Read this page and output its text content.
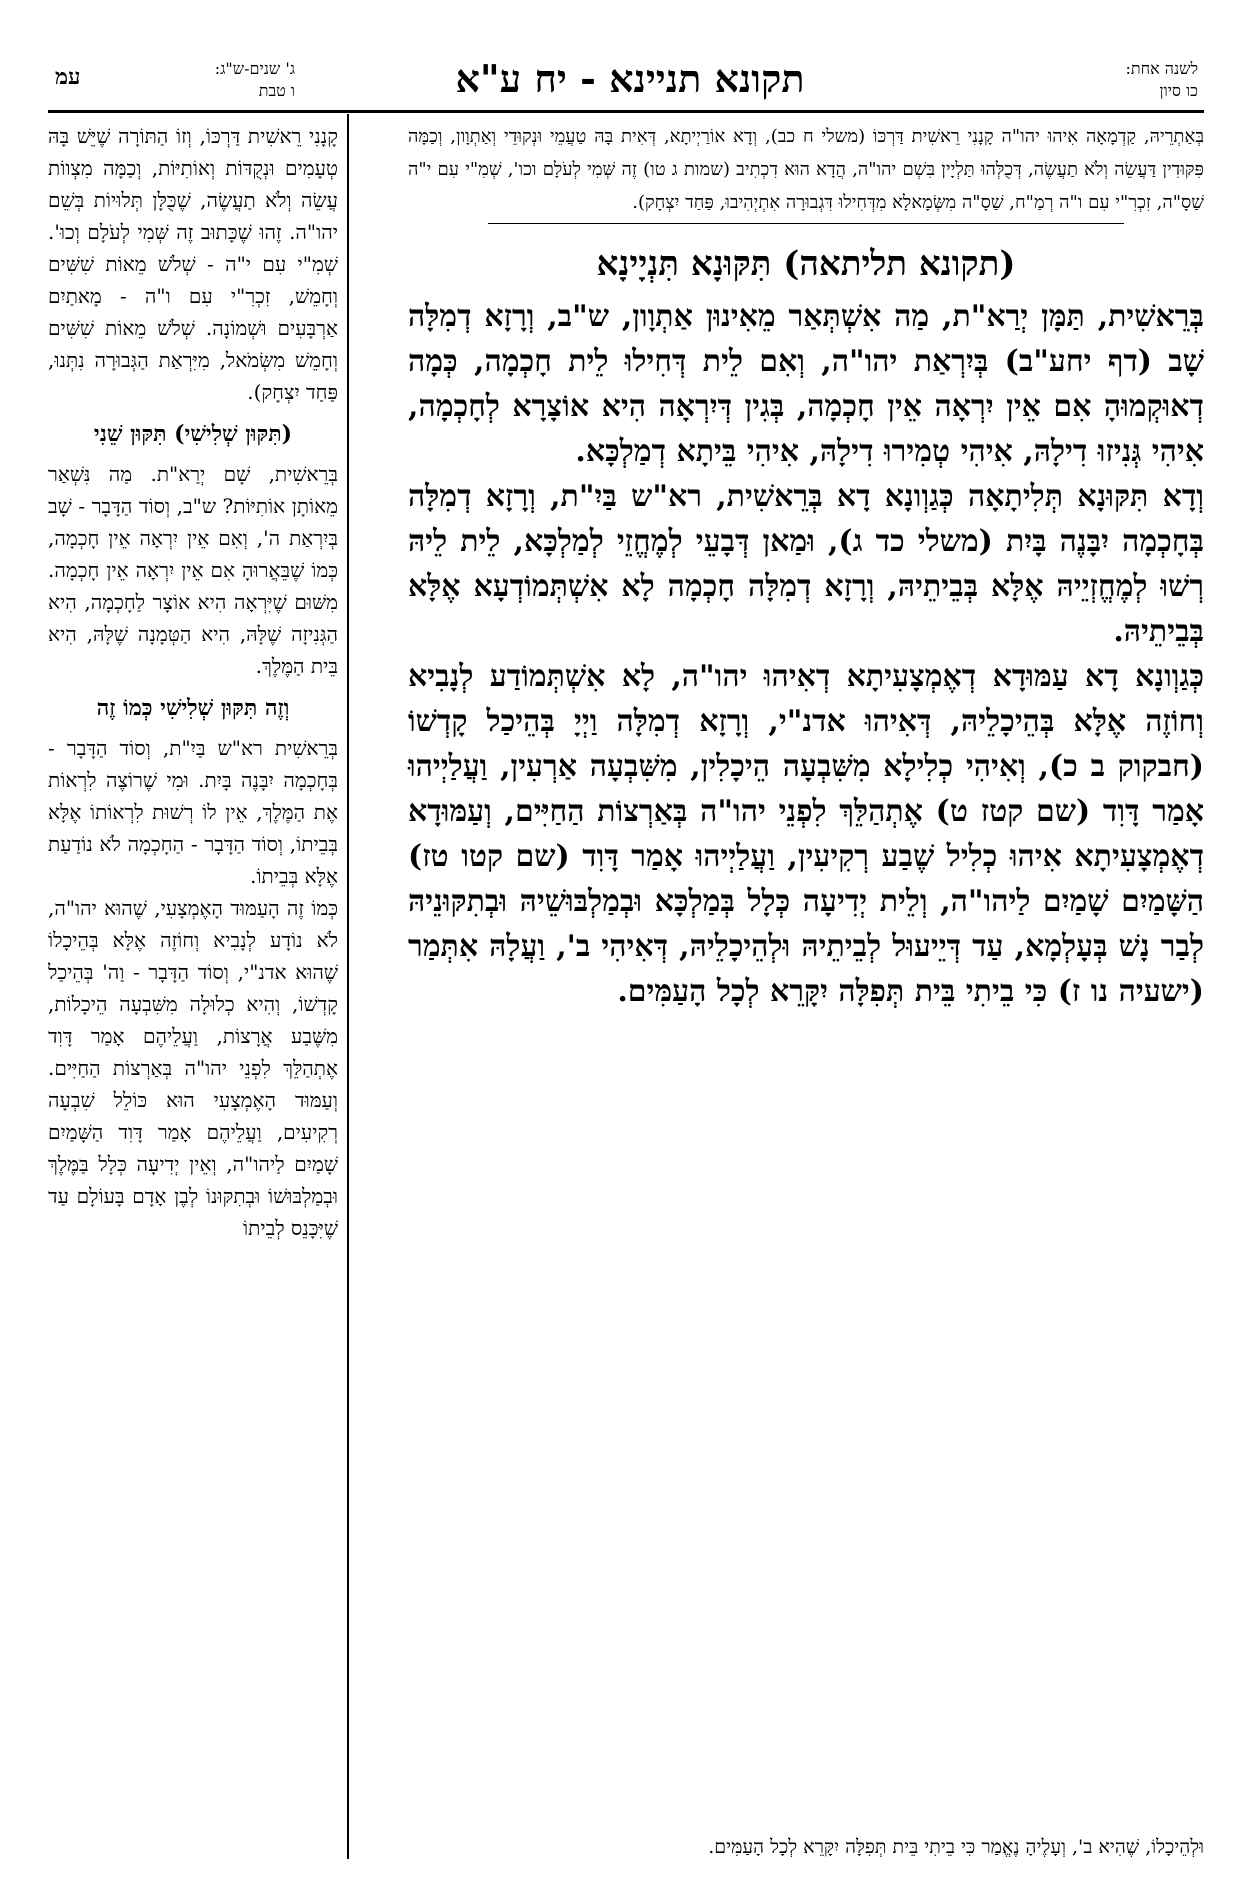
לשנה אחת:
כו סיון
תקונא תניינא - יח ע"א
ג' שנים-ש"ג:
ו טבת
עמ

בְּאַתְרֵיהּ, קַדְמָאָה אִיהוּ יהו"ה קָנָנִי רֵאשִׁית דַּרְכּוֹ (משלי ח כב), וְדָא אוֹרַיְיתָא, דְּאִית בָּהּ טַעֲמֵי וּנְקוּדֵי וְאַתְוָון, וְכַמָּה פִּקּוּדִין דַּעֲשֵׂה וְלֹא תַעֲשֶׂה, דְּכֻלְּהוּ תַּלְיָין בִּשְׁם יהו"ה, הֲדָא הוּא דִכְתִיב (שמות ג טו) זֶה שְּׁמִי לְעֹלָם וכו', שְׁמִ"י עִם י"ה שַׁסָ"ה, זִכְרִ"י עִם ו"ה רְמַ"ח, שַׁסָ"ה מִשְּׂמָאלָא מִדְּחִילוּ דִּגְבוּרָה אִתְיְהִיבוּ, פַּחַד יִצְחָק).

(תקונא תליתאה) תִּקּוּנָא תִּנְיָינָא

בְּרֵאשִׁית, תַּמָּן יְרַא"ת, מַה אִשְׁתְּאַר מֵאִינוּן אַתְוָון, ש"ב, וְרָזָא דְמִלָּה שָׁב (דף יחע"ב) בְּיִרְאַת יהו"ה, וְאִם לֵית דְּחִילוּ לֵית חָכְמָה, כְּמָה דְאוּקְמוּהָ אִם אֵין יִרְאָה אֵין חָכְמָה, בְּגִין דְּיִרְאָה הִיא אוֹצָרָא לְחָכְמָה, אִיהִי גְּנִיזוּ דִילָהּ, אִיהִי טְמִירוּ דִילָהּ, אִיהִי בֵּיתָא דְמַלְכָּא.

וְדָא תִּקּוּנָא תְּלִיתָאָה כְּגַוְונָא דָא בְּרֵאשִׁית, רא"ש בַּיִ"ת, וְרָזָא דְמִלָּה בְּחָכְמָה יִבָּנֶה בָּיִת (משלי כד ג), וּמַאן דְּבָעֵי לְמֶחֱזֵי לְמַלְכָּא, לֵית לֵיהּ רְשׁוּ לְמֶחֱזְיֵיהּ אֶלָּא בְּבֵיתֵיהּ, וְרָזָא דְמִלָּה חָכְמָה לָא אִשְׁתְּמוֹדְעָא אֶלָּא בְּבֵיתֵיהּ.

כְּגַוְונָא דָא עַמּוּדָא דְאֶמְצָעִיתָא דְאִיהוּ יהו"ה, לָא אִשְׁתְּמוֹדַע לְנָבִיא וְחוֹזֶה אֶלָּא בְּהֵיכָלֵיהּ, דְּאִיהוּ אדנ"י, וְרָזָא דְמִלָּה וַיְיָ בְּהֵיכַל קָדְשׁוֹ (חבקוק ב כ), וְאִיהִי כְלִילָא מִשִּׁבְעָה הֵיכָלִין, מִשִּׁבְעָה אַרְעִין, וַעֲלַיְיהוּ אָמַר דָּוִד (שם קטז ט) אֶתְהַלֵּךְ לִפְנֵי יהו"ה בְּאַרְצוֹת הַחַיִּים, וְעַמּוּדָא דְאֶמְצָעִיתָא אִיהוּ כְלִיל שֶׁבַע רְקִיעִין, וַעֲלַיְיהוּ אָמַר דָּוִד (שם קטו טז) הַשָּׁמַיִם שָׁמַיִם לַיהו"ה, וְלֵית יְדִיעָה כְּלָל בְּמַלְכָּא וּבְמַלְבּוּשֵׁיהּ וּבְתִקּוּנֵיהּ לְבַר נָשׁ בְּעָלְמָא, עַד דְּיֵיעוּל לְבֵיתֵיהּ וּלְהֵיכָלֵיהּ, דְּאִיהִי ב', וַעֲלָהּ אִתְּמַר (ישעיה נו ז) כִּי בֵיתִי בֵּית תְּפִלָּה יִקָּרֵא לְכָל הָעַמִּים.

קָנָנִי רֵאשִׁית דַּרְכּוֹ, וְזוֹ הַתּוֹרָה שֶׁיֵּשׁ בָּהּ טְעָמִים וּנְקֻדּוֹת וְאוֹתִיּוֹת, וְכַמָּה מִצְווֹת עֲשֵׂה וְלֹא תַעֲשֶׂה, שֶׁכֻּלָּן תְּלוּיוֹת בְּשֵׁם יהו"ה. זֶהוּ שֶׁכָּתוּב זֶה שְּׁמִי לְעֹלָם וְכוּ'. שְׁמִ"י עִם י"ה - שְׁלֹשׁ מֵאוֹת שִׁשִּׁים וְחָמֵשׁ, זִכְרִ"י עִם ו"ה - מָאתַיִם אַרְבָּעִים וּשְׁמוֹנָה. שְׁלֹשׁ מֵאוֹת שִׁשִּׁים וְחָמֵשׁ מִשְּׂמֹאל, מִיִּרְאַת הַגְּבוּרָה נִתְּנוּ, פַּחַד יִצְחָק).

(תִּקּוּן שְׁלִישִׁי) תִּקּוּן שֵׁנִי

בְּרֵאשִׁית, שָׁם יְרַא"ת. מַה נִּשְׁאַר מֵאוֹתָן אוֹתִיּוֹת? ש"ב, וְסוֹד הַדָּבָר - שָׁב בְּיִרְאַת ה', וְאִם אֵין יִרְאָה אֵין חָכְמָה, כְּמוֹ שֶׁבֵּאֲרוּהָ אִם אֵין יִרְאָה אֵין חָכְמָה. מִשּׁוּם שֶׁיִּרְאָה הִיא אוֹצָר לַחָכְמָה, הִיא הַגְּנִיזָה שֶׁלָּהּ, הִיא הַטְּמָנָה שֶׁלָּהּ, הִיא בֵּית הַמֶּלֶךְ.

וְזֶה תִּקּוּן שְׁלִישִׁי כְּמוֹ זֶה

בְּרֵאשִׁית רא"ש בַּיִ"ת, וְסוֹד הַדָּבָר - בְּחָכְמָה יִבָּנֶה בָּיִת. וּמִי שֶׁרוֹצֶה לִרְאוֹת אֶת הַמֶּלֶךְ, אֵין לוֹ רְשׁוּת לִרְאוֹתוֹ אֶלָּא בְּבֵיתוֹ, וְסוֹד הַדָּבָר - הַחָכְמָה לֹא נוֹדַעַת אֶלָּא בְּבֵיתוֹ.

כְּמוֹ זֶה הָעַמּוּד הָאֶמְצָעִי, שֶׁהוּא יהו"ה, לֹא נוֹדָע לְנָבִיא וְחוֹזֶה אֶלָּא בְּהֵיכָלוֹ שֶׁהוּא אדנ"י, וְסוֹד הַדָּבָר - וַה' בְּהֵיכַל קָדְשׁוֹ, וְהִיא כְלוּלָה מִשִּׁבְעָה הֵיכָלוֹת, מִשֶּׁבַע אֲרָצוֹת, וַעֲלֵיהֶם אָמַר דָּוִד אֶתְהַלֵּךְ לִפְנֵי יהו"ה בְּאַרְצוֹת הַחַיִּים. וְעַמּוּד הָאֶמְצָעִי הוּא כּוֹלֵל שִׁבְעָה רְקִיעִים, וַעֲלֵיהֶם אָמַר דָּוִד הַשָּׁמַיִם שָׁמַיִם לַיהו"ה, וְאֵין יְדִיעָה כְּלָל בַּמֶּלֶךְ וּבְמַלְבּוּשׁוֹ וּבְתִקּוּנוֹ לְבֶן אָדָם בָּעוֹלָם עַד שֶׁיִּכָּנֵס לְבֵיתוֹ

וּלְהֵיכָלוֹ, שֶׁהִיא ב', וְעָלֶיהָ נֶאֱמַר כִּי בֵיתִי בֵּית תְּפִלָּה יִקָּרֵא לְכָל הָעַמִּים.
